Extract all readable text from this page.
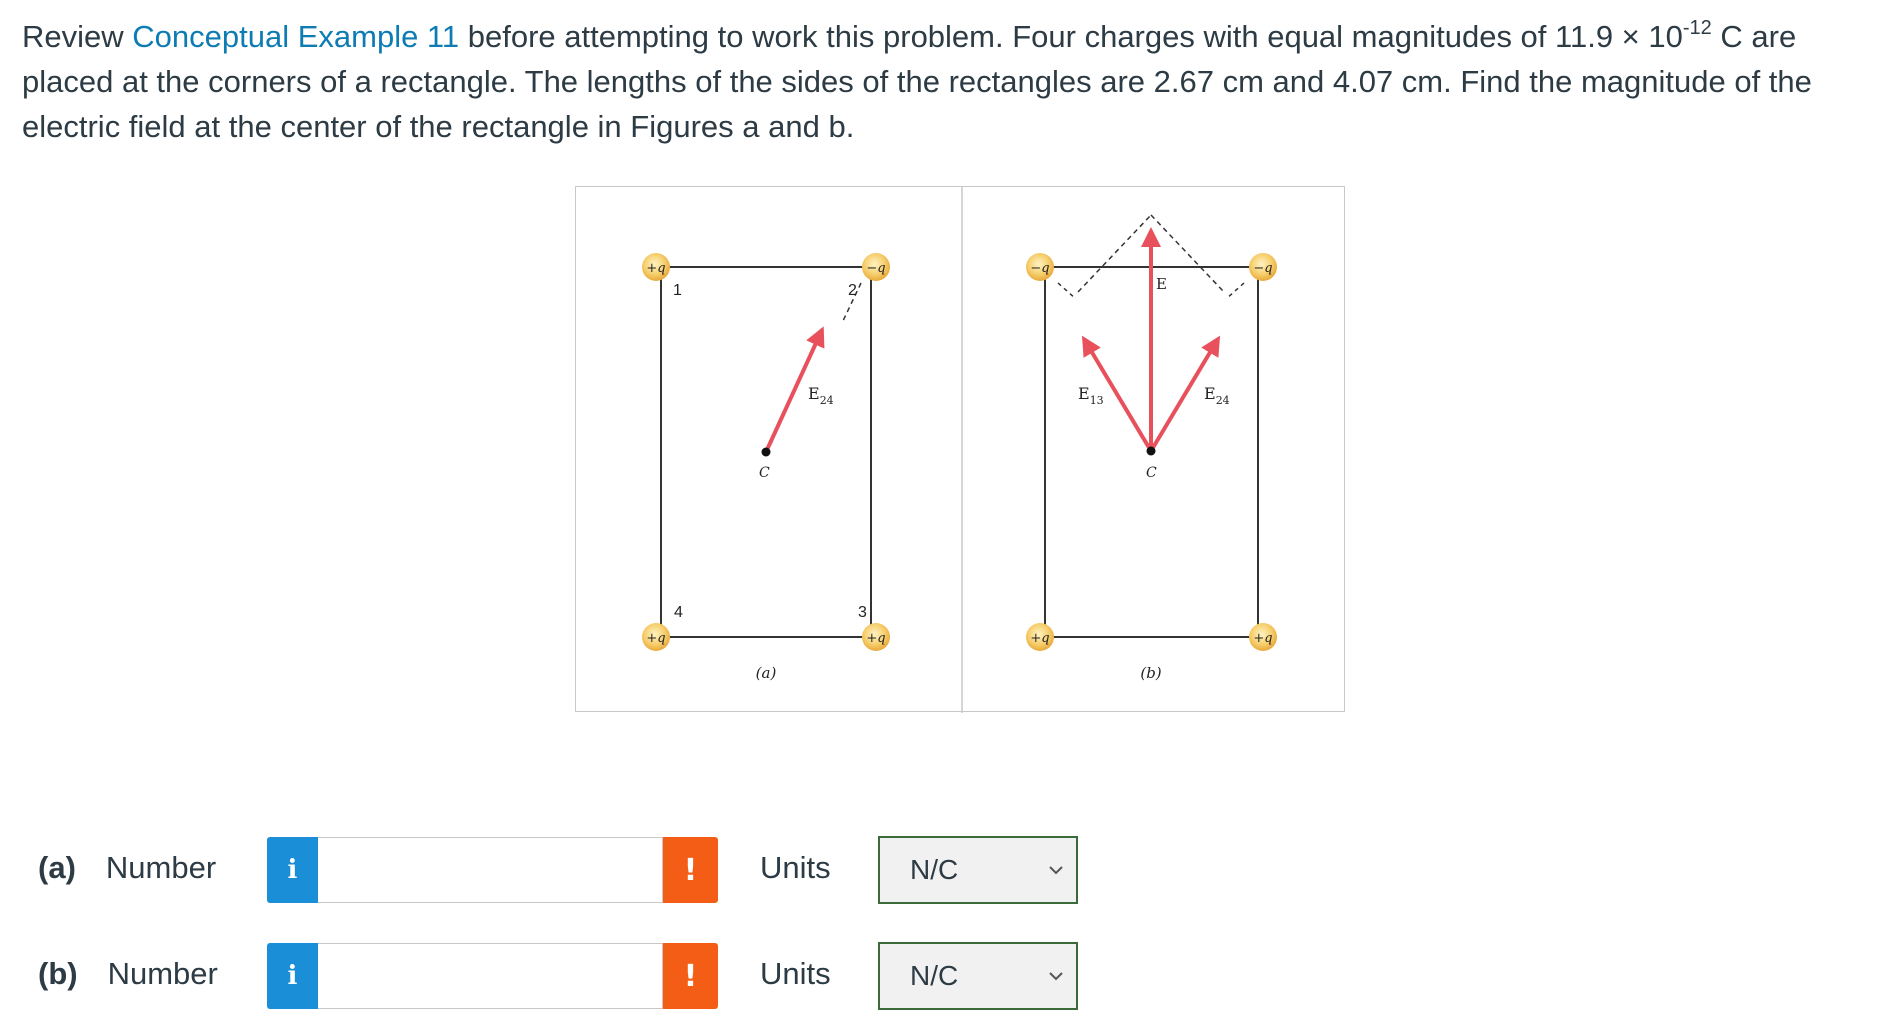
Review Conceptual Example 11 before attempting to work this problem. Four charges with equal magnitudes of $11.9 \times 10^{-12}$ C are placed at the corners of a rectangle. The lengths of the sides of the rectangles are 2.67 cm and 4.07 cm. Find the magnitude of the electric field at the center of the rectangle in Figures a and b.
+q	−q
+q	+q
1	2
3
4
$E_{24}$
C
(a)
−q	−q
+q	+q
E
$E_{13}$	$E_{24}$
C
(b)
(a) Number	i	!	Units	N/C
(b) Number	i	!	Units	N/C
